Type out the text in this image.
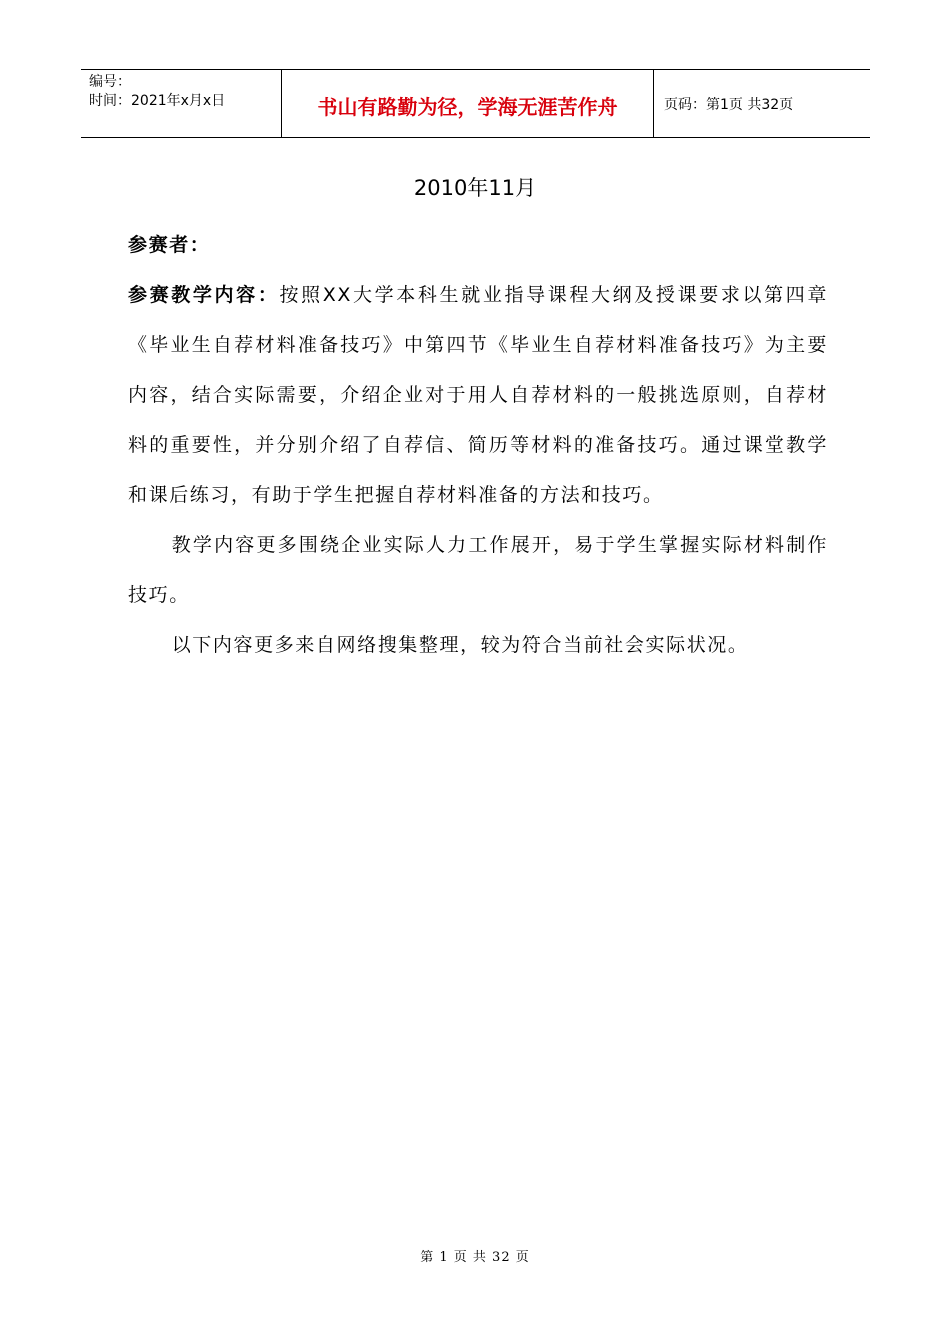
编号：
时间：2021年x月x日	书山有路勤为径，学海无涯苦作舟	页码：第1页 共32页
2010年11月

参赛者：

参赛教学内容：按照XX大学本科生就业指导课程大纲及授课要求以第四章《毕业生自荐材料准备技巧》中第四节《毕业生自荐材料准备技巧》为主要内容，结合实际需要，介绍企业对于用人自荐材料的一般挑选原则，自荐材料的重要性，并分别介绍了自荐信、简历等材料的准备技巧。通过课堂教学和课后练习，有助于学生把握自荐材料准备的方法和技巧。

教学内容更多围绕企业实际人力工作展开，易于学生掌握实际材料制作技巧。

以下内容更多来自网络搜集整理，较为符合当前社会实际状况。

第 1 页 共 32 页
